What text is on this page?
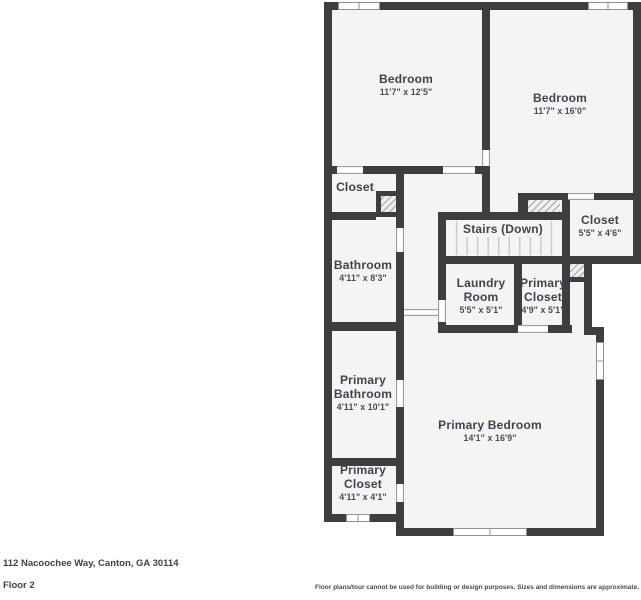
Bedroom
11'7" x 12'5"	Bedroom
11'7" x 16'0"
Closet
Closet
5'5" x 4'6"
Stairs (Down)
Bathroom
4'11" x 8'3"	Laundry
Room
5'5" x 5'1"
Primary
Closet
4'9" x 5'1"
Primary
Bathroom
4'11" x 10'1"
Primary
Closet
4'11" x 4'1"
Primary Bedroom
14'1" x 16'9"
112 Nacoochee Way, Canton, GA 30114
Floor 2	Floor plans/tour cannot be used for building or design purposes. Sizes and dimensions are approximate.
